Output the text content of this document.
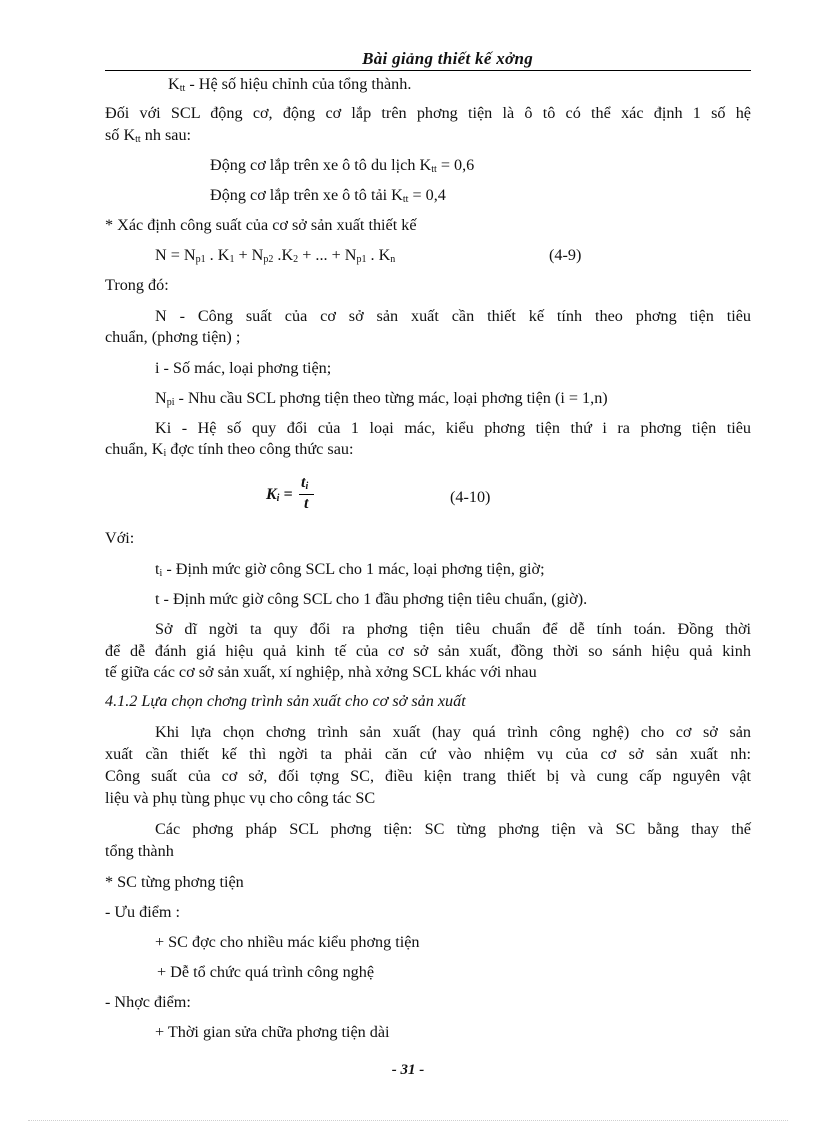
Bài giảng thiết kế xởng
$K_{tt}$ - Hệ số hiệu chỉnh của tổng thành.
Đối với SCL động cơ, động cơ lắp trên phơng tiện là ô tô có thể xác định 1 số hệ
số $K_{tt}$ nh sau:
Động cơ lắp trên xe ô tô du lịch $K_{tt} = 0,6$
Động cơ lắp trên xe ô tô tải $K_{tt} = 0,4$
* Xác định công suất của cơ sở sản xuất thiết kế
$N = N_{p1}$ . $K_1 + N_{p2}$ $.K_2$ + ... + $N_{p1}$ . $K_n$	(4-9)
Trong đó:
N - Công suất của cơ sở sản xuất cần thiết kế tính theo phơng tiện tiêu
chuẩn, (phơng tiện) ;
i - Số mác, loại phơng tiện;
$N_{pi}$ - Nhu cầu SCL phơng tiện theo từng mác, loại phơng tiện (i = 1,n)
Ki - Hệ số quy đổi của 1 loại mác, kiểu phơng tiện thứ i ra phơng tiện tiêu
chuẩn, $K_i$ đợc tính theo công thức sau:
$K_i$ =
$t_i$
t	(4-10)
Với:
$t_i$ - Định mức giờ công SCL cho 1 mác, loại phơng tiện, giờ;
t - Định mức giờ công SCL cho 1 đầu phơng tiện tiêu chuẩn, (giờ).
Sở dĩ ngời ta quy đổi ra phơng tiện tiêu chuẩn để dễ tính toán. Đồng thời
để dễ đánh giá hiệu quả kinh tế của cơ sở sản xuất, đồng thời so sánh hiệu quả kinh
tế giữa các cơ sở sản xuất, xí nghiệp, nhà xởng SCL khác với nhau
4.1.2 Lựa chọn chơng trình sản xuất cho cơ sở sản xuất
Khi lựa chọn chơng trình sản xuất (hay quá trình công nghệ) cho cơ sở sản
xuất cần thiết kế thì ngời ta phải căn cứ vào nhiệm vụ của cơ sở sản xuất nh:
Công suất của cơ sở, đối tợng SC, điều kiện trang thiết bị và cung cấp nguyên vật
liệu và phụ tùng phục vụ cho công tác SC
Các phơng pháp SCL phơng tiện: SC từng phơng tiện và SC bằng thay thế
tổng thành
* SC từng phơng tiện
- Ưu điểm :
+ SC đợc cho nhiều mác kiểu phơng tiện
+ Dễ tổ chức quá trình công nghệ
- Nhợc điểm:
+ Thời gian sửa chữa phơng tiện dài
- 31 -
